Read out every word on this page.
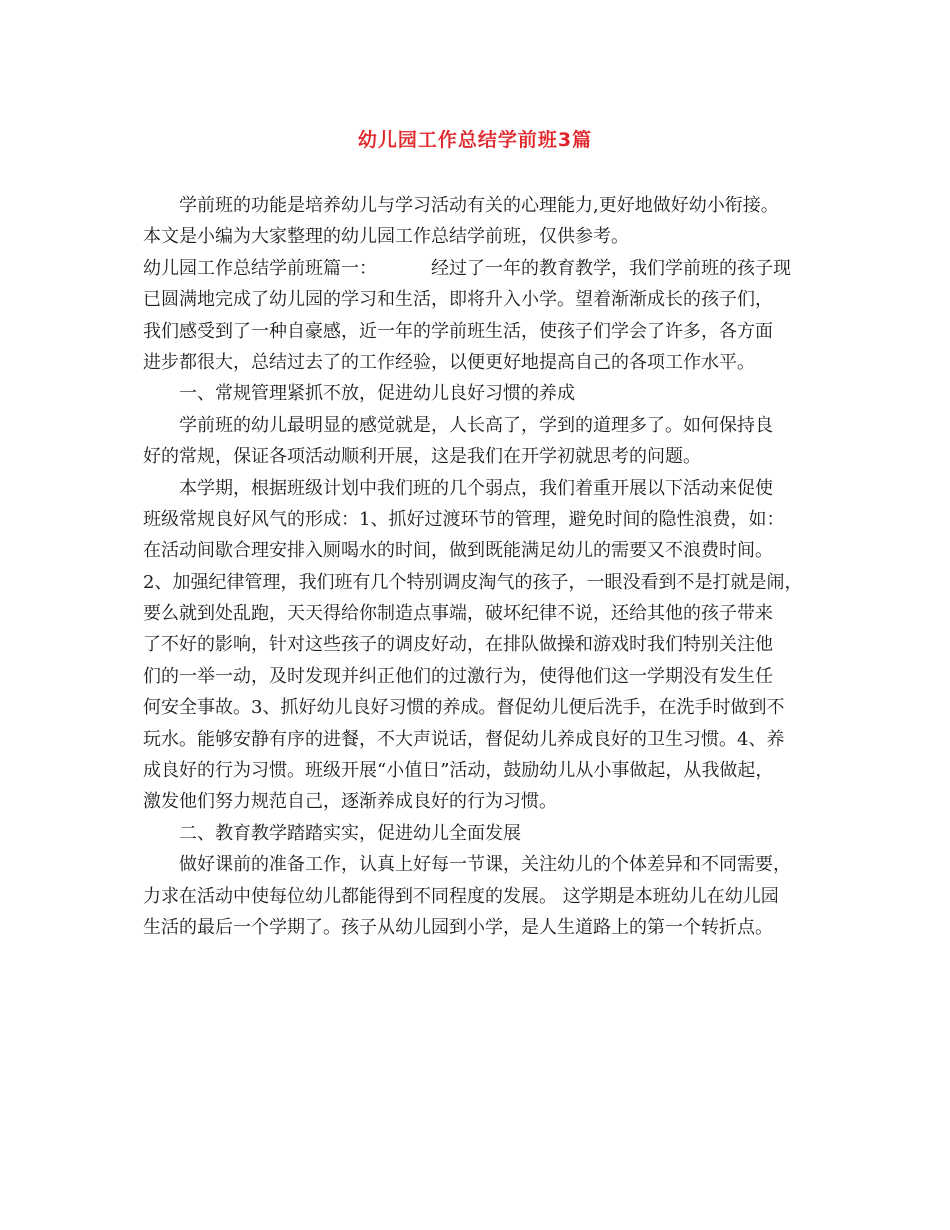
幼儿园工作总结学前班3篇
学前班的功能是培养幼儿与学习活动有关的心理能力,更好地做好幼小衔接。
本文是小编为大家整理的幼儿园工作总结学前班，仅供参考。
幼儿园工作总结学前班篇一：	经过了一年的教育教学，我们学前班的孩子现
已圆满地完成了幼儿园的学习和生活，即将升入小学。望着渐渐成长的孩子们，
我们感受到了一种自豪感，近一年的学前班生活，使孩子们学会了许多，各方面
进步都很大，总结过去了的工作经验，以便更好地提高自己的各项工作水平。
一、常规管理紧抓不放，促进幼儿良好习惯的养成
学前班的幼儿最明显的感觉就是，人长高了，学到的道理多了。如何保持良
好的常规，保证各项活动顺利开展，这是我们在开学初就思考的问题。
本学期，根据班级计划中我们班的几个弱点，我们着重开展以下活动来促使
班级常规良好风气的形成：1、抓好过渡环节的管理，避免时间的隐性浪费，如：
在活动间歇合理安排入厕喝水的时间，做到既能满足幼儿的需要又不浪费时间。
2、加强纪律管理，我们班有几个特别调皮淘气的孩子，一眼没看到不是打就是闹，
要么就到处乱跑，天天得给你制造点事端，破坏纪律不说，还给其他的孩子带来
了不好的影响，针对这些孩子的调皮好动，在排队做操和游戏时我们特别关注他
们的一举一动，及时发现并纠正他们的过激行为，使得他们这一学期没有发生任
何安全事故。3、抓好幼儿良好习惯的养成。督促幼儿便后洗手，在洗手时做到不
玩水。能够安静有序的进餐，不大声说话，督促幼儿养成良好的卫生习惯。4、养
成良好的行为习惯。班级开展“小值日”活动，鼓励幼儿从小事做起，从我做起，
激发他们努力规范自己，逐渐养成良好的行为习惯。
二、教育教学踏踏实实，促进幼儿全面发展
做好课前的准备工作，认真上好每一节课，关注幼儿的个体差异和不同需要，
力求在活动中使每位幼儿都能得到不同程度的发展。 这学期是本班幼儿在幼儿园
生活的最后一个学期了。孩子从幼儿园到小学，是人生道路上的第一个转折点。
